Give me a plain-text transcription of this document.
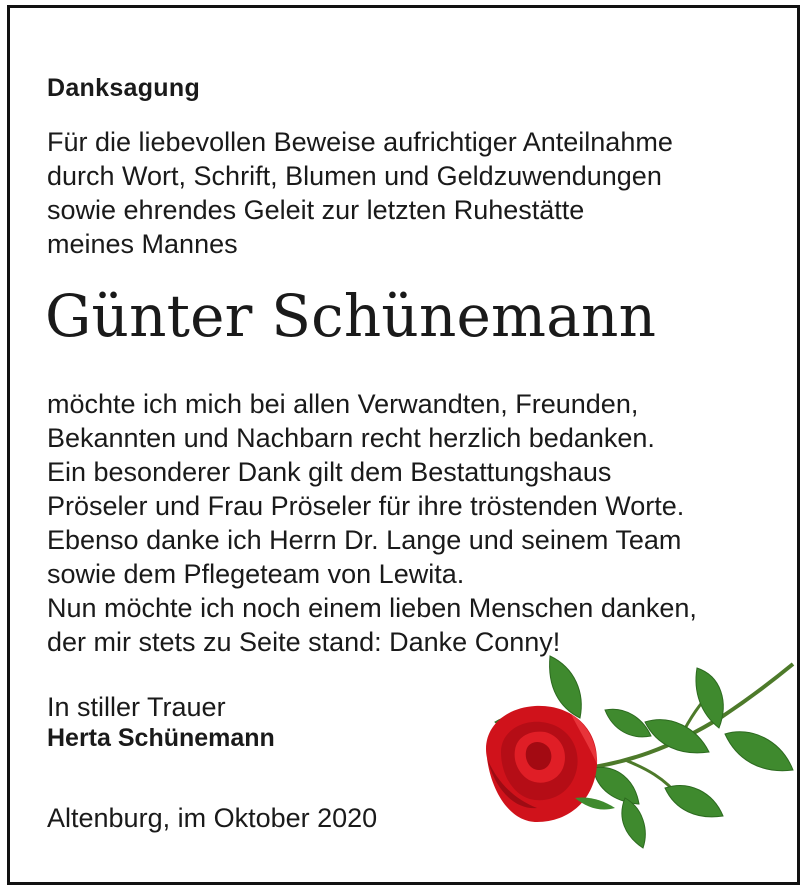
Danksagung

Für die liebevollen Beweise aufrichtiger Anteilnahme
durch Wort, Schrift, Blumen und Geldzuwendungen
sowie ehrendes Geleit zur letzten Ruhestätte
meines Mannes

Günter Schünemann

möchte ich mich bei allen Verwandten, Freunden,
Bekannten und Nachbarn recht herzlich bedanken.
Ein besonderer Dank gilt dem Bestattungshaus
Pröseler und Frau Pröseler für ihre tröstenden Worte.
Ebenso danke ich Herrn Dr. Lange und seinem Team
sowie dem Pflegeteam von Lewita.
Nun möchte ich noch einem lieben Menschen danken,
der mir stets zu Seite stand: Danke Conny!

In stiller Trauer

Herta Schünemann

Altenburg, im Oktober 2020
